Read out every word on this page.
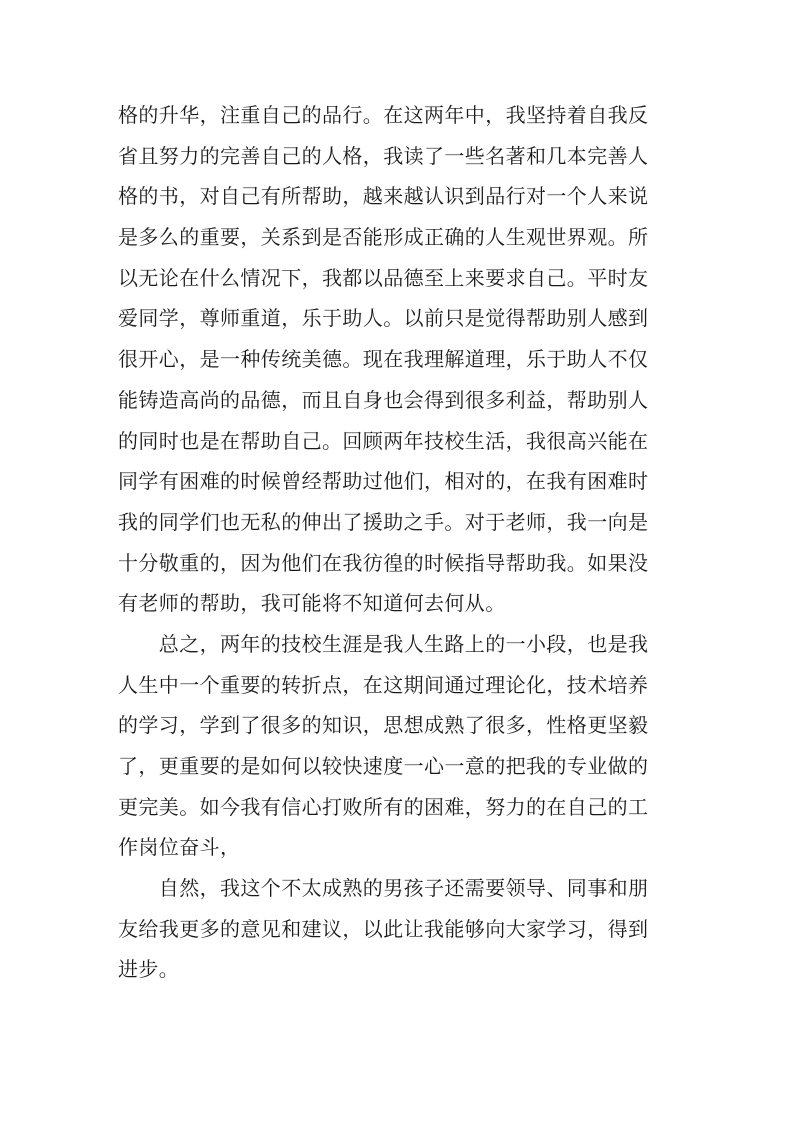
格的升华，注重自己的品行。在这两年中，我坚持着自我反
省且努力的完善自己的人格，我读了一些名著和几本完善人
格的书，对自己有所帮助，越来越认识到品行对一个人来说
是多么的重要，关系到是否能形成正确的人生观世界观。所
以无论在什么情况下，我都以品德至上来要求自己。平时友
爱同学，尊师重道，乐于助人。以前只是觉得帮助别人感到
很开心，是一种传统美德。现在我理解道理，乐于助人不仅
能铸造高尚的品德，而且自身也会得到很多利益，帮助别人
的同时也是在帮助自己。回顾两年技校生活，我很高兴能在
同学有困难的时候曾经帮助过他们，相对的，在我有困难时
我的同学们也无私的伸出了援助之手。对于老师，我一向是
十分敬重的，因为他们在我彷徨的时候指导帮助我。如果没
有老师的帮助，我可能将不知道何去何从。

　　总之，两年的技校生涯是我人生路上的一小段，也是我
人生中一个重要的转折点，在这期间通过理论化，技术培养
的学习，学到了很多的知识，思想成熟了很多，性格更坚毅
了，更重要的是如何以较快速度一心一意的把我的专业做的
更完美。如今我有信心打败所有的困难，努力的在自己的工
作岗位奋斗，

　　自然，我这个不太成熟的男孩子还需要领导、同事和朋
友给我更多的意见和建议，以此让我能够向大家学习，得到
进步。
